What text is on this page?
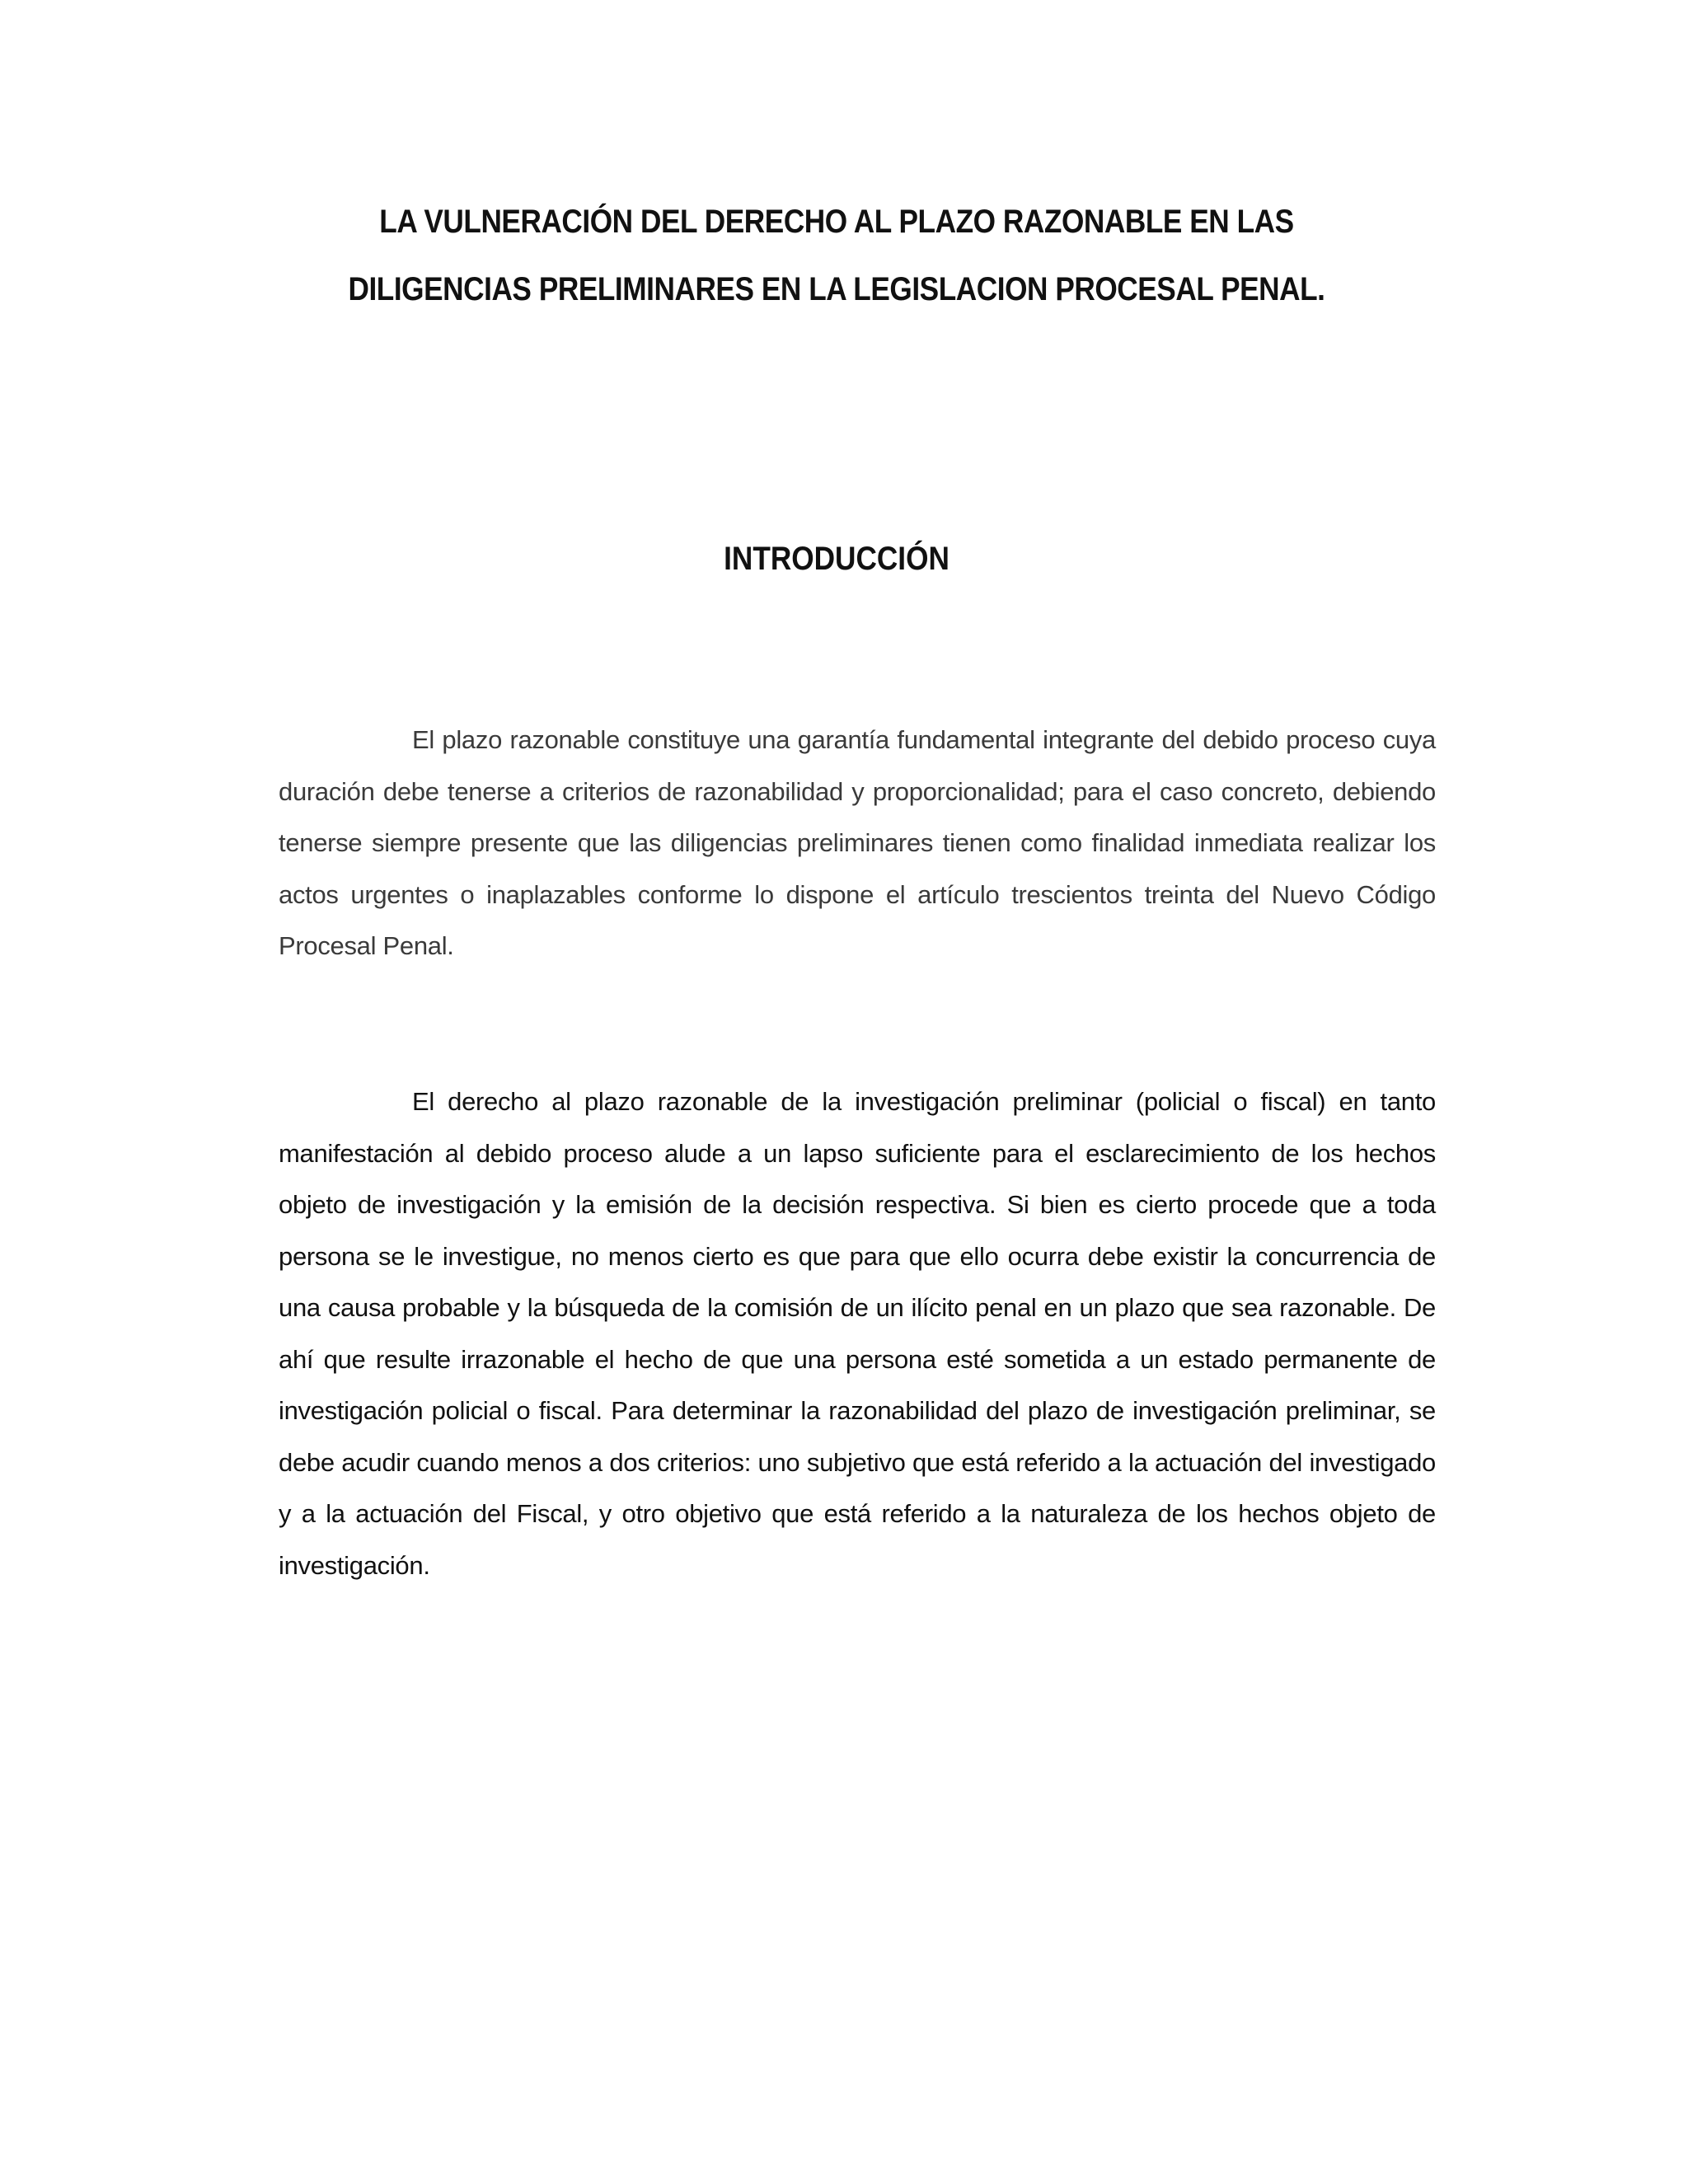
LA VULNERACIÓN DEL DERECHO AL PLAZO RAZONABLE EN LAS
DILIGENCIAS PRELIMINARES EN LA LEGISLACION PROCESAL PENAL.
INTRODUCCIÓN

El plazo razonable constituye una garantía fundamental integrante del debido proceso cuya duración debe tenerse a criterios de razonabilidad y proporcionalidad; para el caso concreto, debiendo tenerse siempre presente que las diligencias preliminares tienen como finalidad inmediata realizar los actos urgentes o inaplazables conforme lo dispone el artículo trescientos treinta del Nuevo Código Procesal Penal.

El derecho al plazo razonable de la investigación preliminar (policial o fiscal) en tanto manifestación al debido proceso alude a un lapso suficiente para el esclarecimiento de los hechos objeto de investigación y la emisión de la decisión respectiva. Si bien es cierto procede que a toda persona se le investigue, no menos cierto es que para que ello ocurra debe existir la concurrencia de una causa probable y la búsqueda de la comisión de un ilícito penal en un plazo que sea razonable. De ahí que resulte irrazonable el hecho de que una persona esté sometida a un estado permanente de investigación policial o fiscal. Para determinar la razonabilidad del plazo de investigación preliminar, se debe acudir cuando menos a dos criterios: uno subjetivo que está referido a la actuación del investigado y a la actuación del Fiscal, y otro objetivo que está referido a la naturaleza de los hechos objeto de investigación.
